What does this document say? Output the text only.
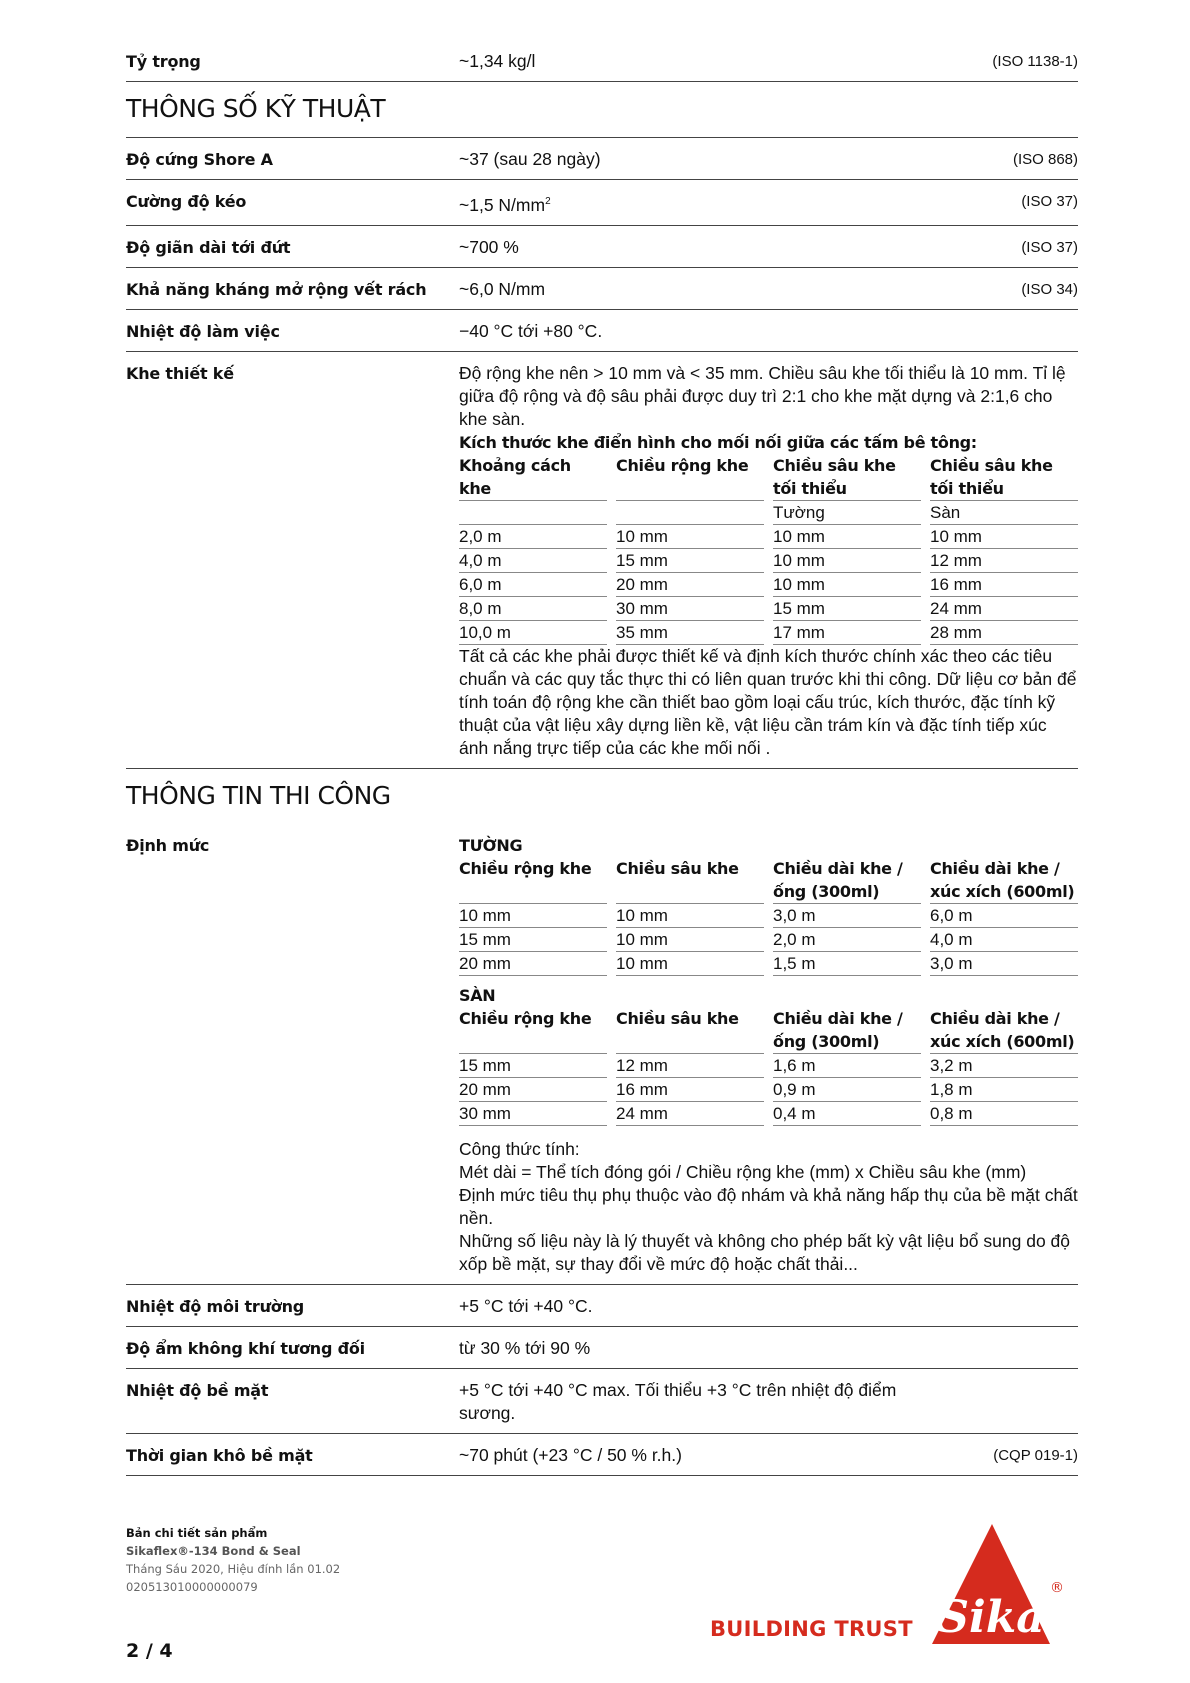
Tỷ trọng	~1,34 kg/l	(ISO 1138-1)
THÔNG SỐ KỸ THUẬT
Độ cứng Shore A	~37 (sau 28 ngày)	(ISO 868)
Cường độ kéo	~1,5 $N/mm^2$	(ISO 37)
Độ giãn dài tới đứt	~700 %	(ISO 37)
Khả năng kháng mở rộng vết rách	~6,0 N/mm	(ISO 34)
Nhiệt độ làm việc	−40 °C tới +80 °C.
Khe thiết kế	Độ rộng khe nên > 10 mm và < 35 mm. Chiều sâu khe tối thiểu là 10 mm. Tỉ lệ giữa độ rộng và độ sâu phải được duy trì 2:1 cho khe mặt dựng và 2:1,6 cho khe sàn.

Kích thước khe điển hình cho mối nối giữa các tấm bê tông:
Khoảng cách khe		Chiều rộng khe		Chiều sâu khe tối thiểu		Chiều sâu khe tối thiểu
				Tường		Sàn
2,0 m		10 mm		10 mm		10 mm
4,0 m		15 mm		10 mm		12 mm
6,0 m		20 mm		10 mm		16 mm
8,0 m		30 mm		15 mm		24 mm
10,0 m		35 mm		17 mm		28 mm

Tất cả các khe phải được thiết kế và định kích thước chính xác theo các tiêu chuẩn và các quy tắc thực thi có liên quan trước khi thi công. Dữ liệu cơ bản để tính toán độ rộng khe cần thiết bao gồm loại cấu trúc, kích thước, đặc tính kỹ thuật của vật liệu xây dựng liền kề, vật liệu cần trám kín và đặc tính tiếp xúc ánh nắng trực tiếp của các khe mối nối .

THÔNG TIN THI CÔNG
Định mức	TƯỜNG
Chiều rộng khe		Chiều sâu khe		Chiều dài khe / ống (300ml)		Chiều dài khe / xúc xích (600ml)
10 mm		10 mm		3,0 m		6,0 m
15 mm		10 mm		2,0 m		4,0 m
20 mm		10 mm		1,5 m		3,0 m
SÀN
Chiều rộng khe		Chiều sâu khe		Chiều dài khe / ống (300ml)		Chiều dài khe / xúc xích (600ml)
15 mm		12 mm		1,6 m		3,2 m
20 mm		16 mm		0,9 m		1,8 m
30 mm		24 mm		0,4 m		0,8 m

Công thức tính:

Mét dài = Thể tích đóng gói / Chiều rộng khe (mm) x Chiều sâu khe (mm)

Định mức tiêu thụ phụ thuộc vào độ nhám và khả năng hấp thụ của bề mặt chất nền.

Những số liệu này là lý thuyết và không cho phép bất kỳ vật liệu bổ sung do độ xốp bề mặt, sự thay đổi về mức độ hoặc chất thải...

Nhiệt độ môi trường	+5 °C tới +40 °C.
Độ ẩm không khí tương đối	từ 30 % tới 90 %
Nhiệt độ bề mặt	+5 °C tới +40 °C max. Tối thiểu +3 °C trên nhiệt độ điểm sương.
Thời gian khô bề mặt	~70 phút (+23 °C / 50 % r.h.)	(CQP 019-1)
Bản chi tiết sản phẩm
Sikaflex®-134 Bond & Seal
Tháng Sáu 2020, Hiệu đính lần 01.02
020513010000000079
2 / 4
BUILDING TRUST Sika
®
